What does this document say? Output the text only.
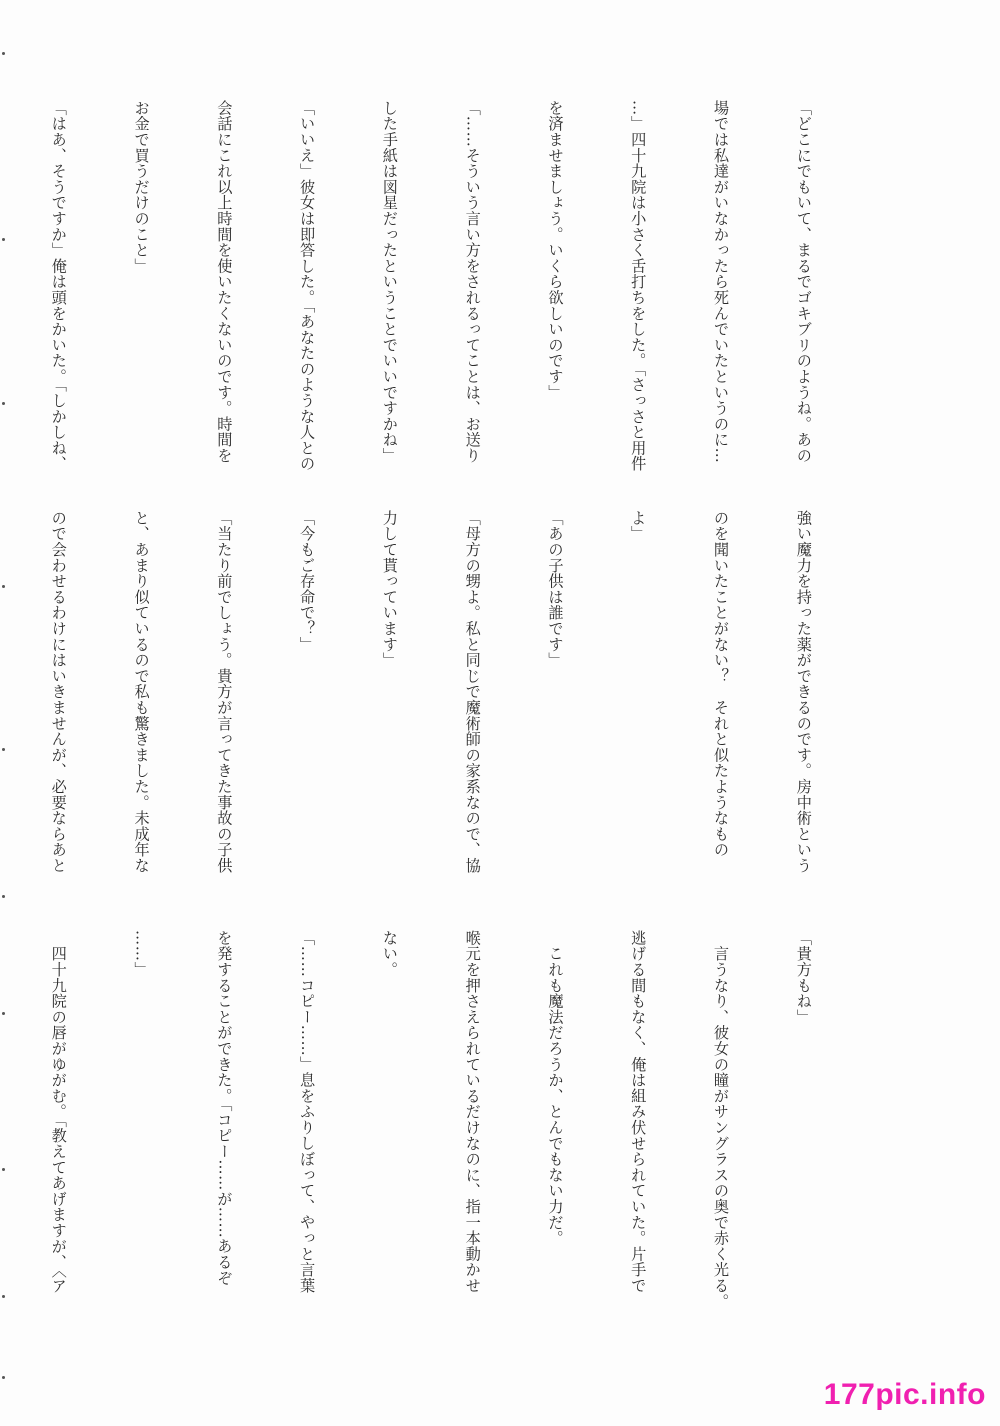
「どこにでもいて、まるでゴキブリのようね。あの

場では私達がいなかったら死んでいたというのに…

…」四十九院は小さく舌打ちをした。「さっさと用件

を済ませましょう。いくら欲しいのです」

「……そういう言い方をされるってことは、お送り

した手紙は図星だったということでいいですかね」

「いいえ」彼女は即答した。「あなたのような人との

会話にこれ以上時間を使いたくないのです。時間を

お金で買うだけのこと」

「はあ、そうですか」俺は頭をかいた。「しかしね、

強い魔力を持った薬ができるのです。房中術という

のを聞いたことがない？　それと似たようなもの

よ」

「あの子供は誰です」

「母方の甥よ。私と同じで魔術師の家系なので、協

力して貰っています」

「今もご存命で？」

「当たり前でしょう。貴方が言ってきた事故の子供

と、あまり似ているので私も驚きました。未成年な

ので会わせるわけにはいきませんが、必要ならあと

「貴方もね」

　言うなり、彼女の瞳がサングラスの奥で赤く光る。

逃げる間もなく、俺は組み伏せられていた。片手で

　これも魔法だろうか、とんでもない力だ。

喉元を押さえられているだけなのに、指一本動かせ

ない。

「……コピー……」息をふりしぼって、やっと言葉

を発することができた。「コピー……が……あるぞ

……」

　四十九院の唇がゆがむ。「教えてあげますが、〈ア

177pic.info
